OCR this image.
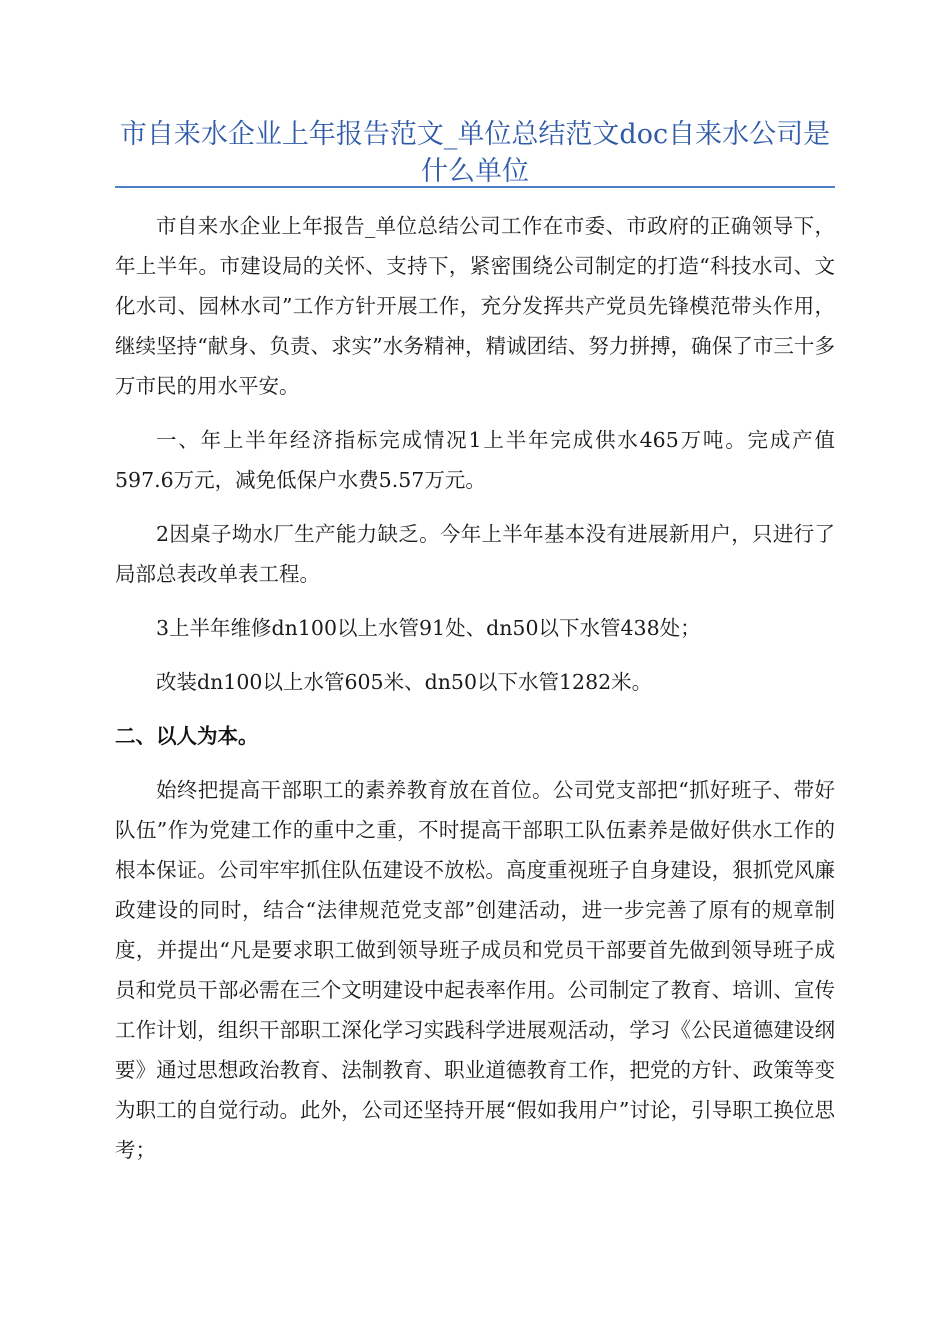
市自来水企业上年报告范文_单位总结范文doc自来水公司是什么单位

市自来水企业上年报告_单位总结公司工作在市委、市政府的正确领导下，年上半年。市建设局的关怀、支持下，紧密围绕公司制定的打造“科技水司、文化水司、园林水司”工作方针开展工作，充分发挥共产党员先锋模范带头作用，继续坚持“献身、负责、求实”水务精神，精诚团结、努力拼搏，确保了市三十多万市民的用水平安。

一、年上半年经济指标完成情况1上半年完成供水465万吨。完成产值597.6万元，减免低保户水费5.57万元。

2因桌子坳水厂生产能力缺乏。今年上半年基本没有进展新用户，只进行了局部总表改单表工程。

3上半年维修dn100以上水管91处、dn50以下水管438处；

改装dn100以上水管605米、dn50以下水管1282米。

二、以人为本。

始终把提高干部职工的素养教育放在首位。公司党支部把“抓好班子、带好队伍”作为党建工作的重中之重，不时提高干部职工队伍素养是做好供水工作的根本保证。公司牢牢抓住队伍建设不放松。高度重视班子自身建设，狠抓党风廉政建设的同时，结合“法律规范党支部”创建活动，进一步完善了原有的规章制度，并提出“凡是要求职工做到领导班子成员和党员干部要首先做到领导班子成员和党员干部必需在三个文明建设中起表率作用。公司制定了教育、培训、宣传工作计划，组织干部职工深化学习实践科学进展观活动，学习《公民道德建设纲要》通过思想政治教育、法制教育、职业道德教育工作，把党的方针、政策等变为职工的自觉行动。此外，公司还坚持开展“假如我用户”讨论，引导职工换位思考；
